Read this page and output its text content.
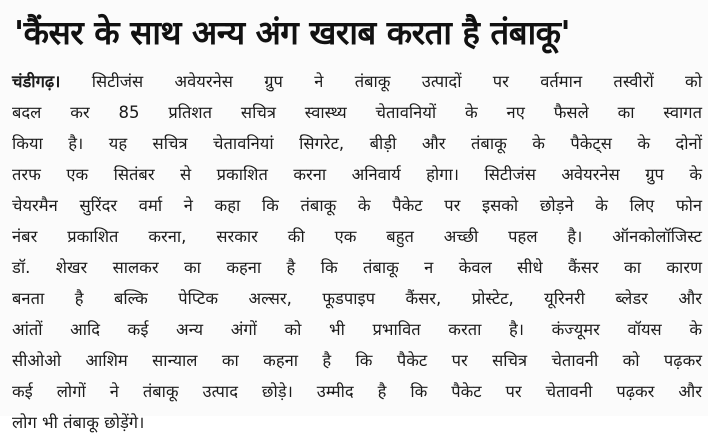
'कैंसर के साथ अन्य अंग खराब करता है तंबाकू'
चंडीगढ़। सिटीजंस अवेयरनेस ग्रुप ने तंबाकू उत्पादों पर वर्तमान तस्वीरों को
बदल कर 85 प्रतिशत सचित्र स्वास्थ्य चेतावनियों के नए फैसले का स्वागत
किया है। यह सचित्र चेतावनियां सिगरेट, बीड़ी और तंबाकू के पैकेट्स के दोनों
तरफ एक सितंबर से प्रकाशित करना अनिवार्य होगा। सिटीजंस अवेयरनेस ग्रुप के
चेयरमैन सुरिंदर वर्मा ने कहा कि तंबाकू के पैकेट पर इसको छोड़ने के लिए फोन
नंबर प्रकाशित करना, सरकार की एक बहुत अच्छी पहल है। ऑनकोलॉजिस्ट
डॉ. शेखर सालकर का कहना है कि तंबाकू न केवल सीधे कैंसर का कारण
बनता है बल्कि पेप्टिक अल्सर, फूडपाइप कैंसर, प्रोस्टेट, यूरिनरी ब्लेडर और
आंतों आदि कई अन्य अंगों को भी प्रभावित करता है। कंज्यूमर वॉयस के
सीओओ आशिम सान्याल का कहना है कि पैकेट पर सचित्र चेतावनी को पढ़कर
कई लोगों ने तंबाकू उत्पाद छोड़े। उम्मीद है कि पैकेट पर चेतावनी पढ़कर और
लोग भी तंबाकू छोड़ेंगे।
